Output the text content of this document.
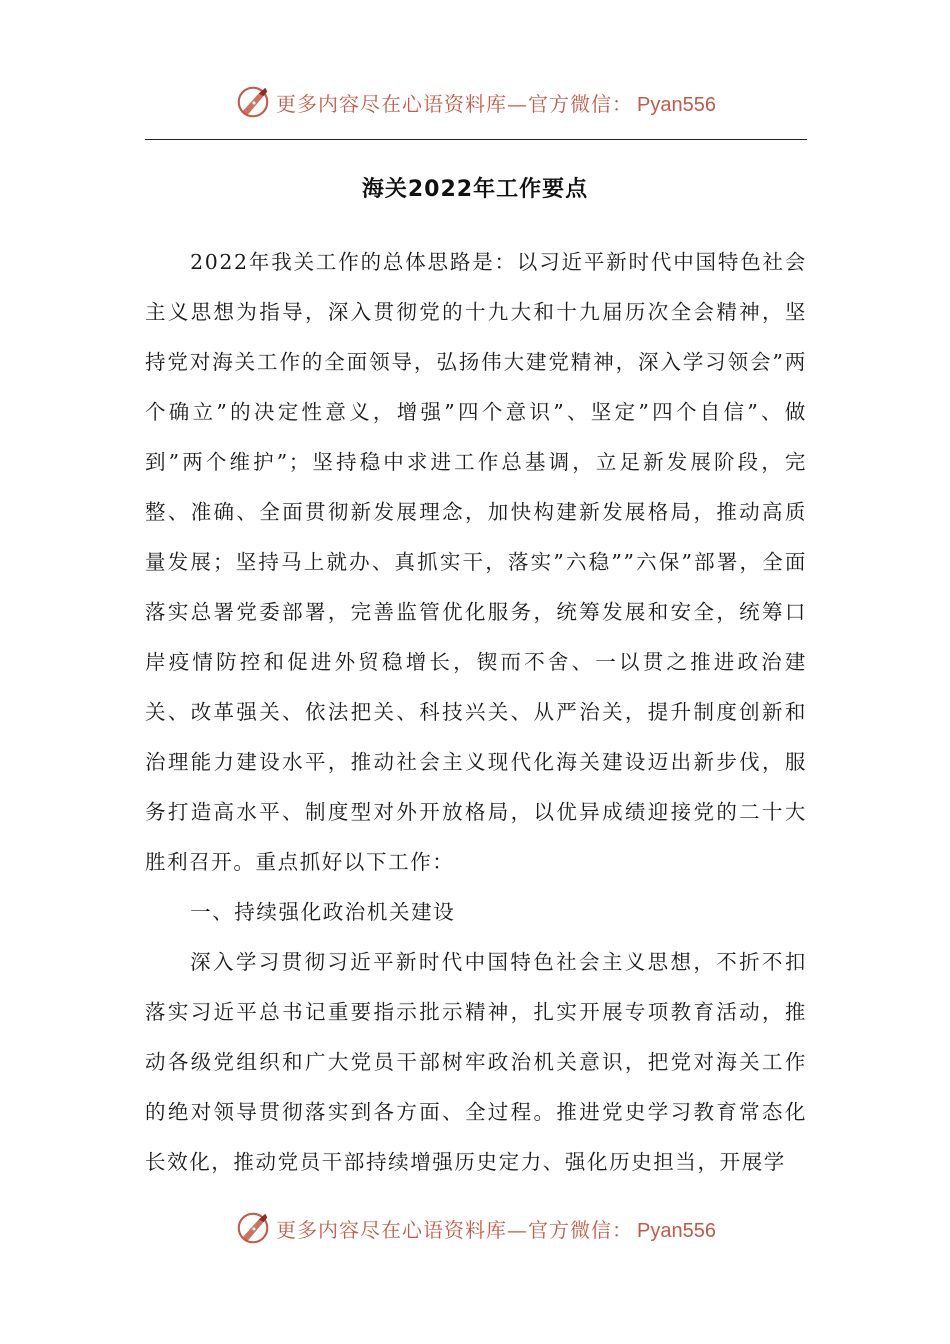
更多内容尽在心语资料库—官方微信： Pyan556
海关2022年工作要点

2022年我关工作的总体思路是：以习近平新时代中国特色社会主义思想为指导，深入贯彻党的十九大和十九届历次全会精神，坚持党对海关工作的全面领导，弘扬伟大建党精神，深入学习领会”两个确立”的决定性意义，增强”四个意识”、坚定”四个自信”、做到”两个维护”；坚持稳中求进工作总基调，立足新发展阶段，完整、准确、全面贯彻新发展理念，加快构建新发展格局，推动高质量发展；坚持马上就办、真抓实干，落实”六稳””六保”部署，全面落实总署党委部署，完善监管优化服务，统筹发展和安全，统筹口岸疫情防控和促进外贸稳增长，锲而不舍、一以贯之推进政治建关、改革强关、依法把关、科技兴关、从严治关，提升制度创新和治理能力建设水平，推动社会主义现代化海关建设迈出新步伐，服务打造高水平、制度型对外开放格局，以优异成绩迎接党的二十大胜利召开。重点抓好以下工作：

一、持续强化政治机关建设

深入学习贯彻习近平新时代中国特色社会主义思想，不折不扣落实习近平总书记重要指示批示精神，扎实开展专项教育活动，推动各级党组织和广大党员干部树牢政治机关意识，把党对海关工作的绝对领导贯彻落实到各方面、全过程。推进党史学习教育常态化长效化，推动党员干部持续增强历史定力、强化历史担当，开展学

更多内容尽在心语资料库—官方微信： Pyan556
